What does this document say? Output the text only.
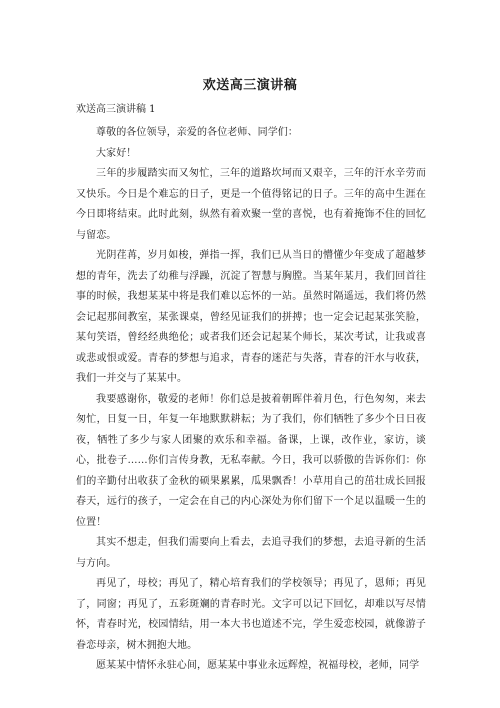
欢送高三演讲稿
欢送高三演讲稿 1

尊敬的各位领导，亲爱的各位老师、同学们：

大家好！

三年的步履踏实而又匆忙，三年的道路坎坷而又艰辛，三年的汗水辛劳而又快乐。今日是个难忘的日子，更是一个值得铭记的日子。三年的高中生涯在今日即将结束。此时此刻，纵然有着欢聚一堂的喜悦，也有着掩饰不住的回忆与留恋。

光阴荏苒，岁月如梭，弹指一挥，我们已从当日的懵懂少年变成了超越梦想的青年，洗去了幼稚与浮躁，沉淀了智慧与胸膛。当某年某月，我们回首往事的时候，我想某某中将是我们难以忘怀的一站。虽然时隔遥远，我们将仍然会记起那间教室，某张课桌，曾经见证我们的拼搏；也一定会记起某张笑脸，某句笑语，曾经经典绝伦；或者我们还会记起某个师长，某次考试，让我或喜或悲或恨或爱。青春的梦想与追求，青春的迷茫与失落，青春的汗水与收获，我们一并交与了某某中。

我要感谢你，敬爱的老师！你们总是披着朝晖伴着月色，行色匆匆，来去匆忙，日复一日，年复一年地默默耕耘；为了我们，你们牺牲了多少个日日夜夜，牺牲了多少与家人团聚的欢乐和幸福。备课，上课，改作业，家访，谈心，批卷子……你们言传身教，无私奉献。今日，我可以骄傲的告诉你们：你们的辛勤付出收获了金秋的硕果累累，瓜果飘香！小草用自己的茁壮成长回报春天，远行的孩子，一定会在自己的内心深处为你们留下一个足以温暖一生的位置！

其实不想走，但我们需要向上看去，去追寻我们的梦想，去追寻新的生活与方向。

再见了，母校；再见了，精心培育我们的学校领导；再见了，恩师；再见了，同窗；再见了，五彩斑斓的青春时光。文字可以记下回忆，却难以写尽情怀，青春时光，校园情结，用一本大书也道述不完，学生爱恋校园，就像游子眷恋母亲，树木拥抱大地。

愿某某中情怀永驻心间，愿某某中事业永远辉煌，祝福母校，老师，同学
